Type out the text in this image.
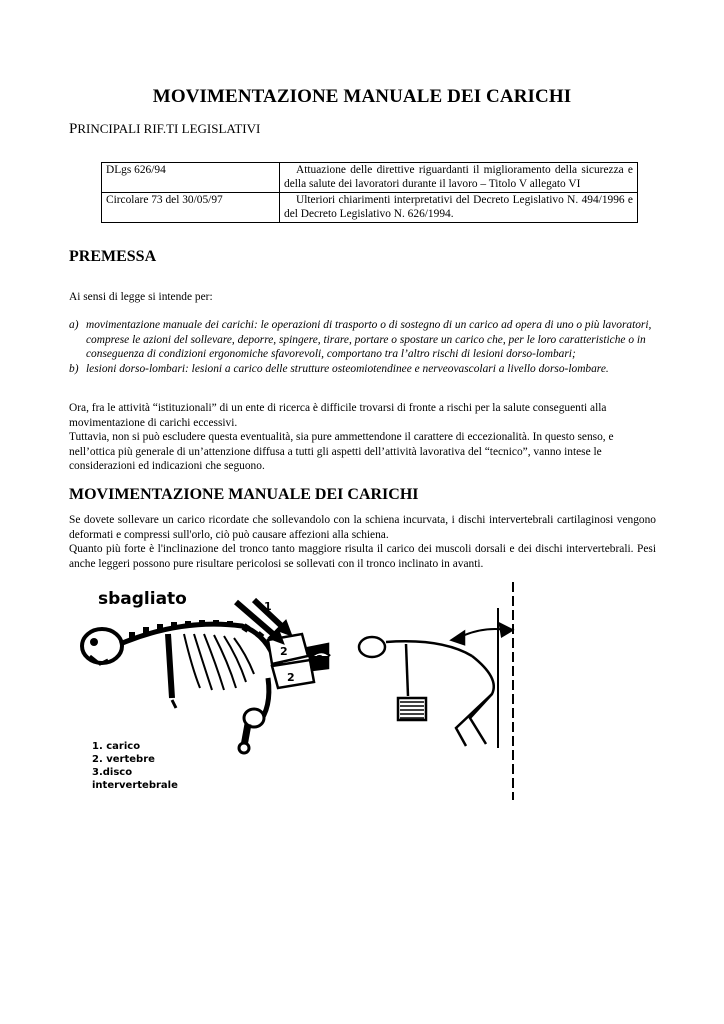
MOVIMENTAZIONE MANUALE DEI CARICHI
PRINCIPALI RIF.TI LEGISLATIVI
DLgs 626/94	Attuazione delle direttive riguardanti il miglioramento della sicurezza e della salute dei lavoratori durante il lavoro – Titolo V allegato VI
Circolare 73 del 30/05/97	Ulteriori chiarimenti interpretativi del Decreto Legislativo N. 494/1996 e del Decreto Legislativo N. 626/1994.
PREMESSA
Ai sensi di legge si intende per:
a) movimentazione manuale dei carichi: le operazioni di trasporto o di sostegno di un carico ad opera di uno o più lavoratori, comprese le azioni del sollevare, deporre, spingere, tirare, portare o spostare un carico che, per le loro caratteristiche o in conseguenza di condizioni ergonomiche sfavorevoli, comportano tra l’altro rischi di lesioni dorso-lombari;
b) lesioni dorso-lombari: lesioni a carico delle strutture osteomiotendinee e nerveovascolari a livello dorso-lombare.
Ora, fra le attività “istituzionali” di un ente di ricerca è difficile trovarsi di fronte a rischi per la salute conseguenti alla movimentazione di carichi eccessivi.
Tuttavia, non si può escludere questa eventualità, sia pure ammettendone il carattere di eccezionalità. In questo senso, e nell’ottica più generale di un’attenzione diffusa a tutti gli aspetti dell’attività lavorativa del “tecnico”, vanno intese le considerazioni ed indicazioni che seguono.
MOVIMENTAZIONE MANUALE DEI CARICHI
Se dovete sollevare un carico ricordate che sollevandolo con la schiena incurvata, i dischi intervertebrali cartilaginosi vengono deformati e compressi sull'orlo, ciò può causare affezioni alla schiena.
Quanto più forte è l'inclinazione del tronco tanto maggiore risulta il carico dei muscoli dorsali e dei dischi intervertebrali. Pesi anche leggeri possono pure risultare pericolosi se sollevati con il tronco inclinato in avanti.
1
2
3
2
sbagliato
1. carico
2. vertebre
3.disco
intervertebrale
